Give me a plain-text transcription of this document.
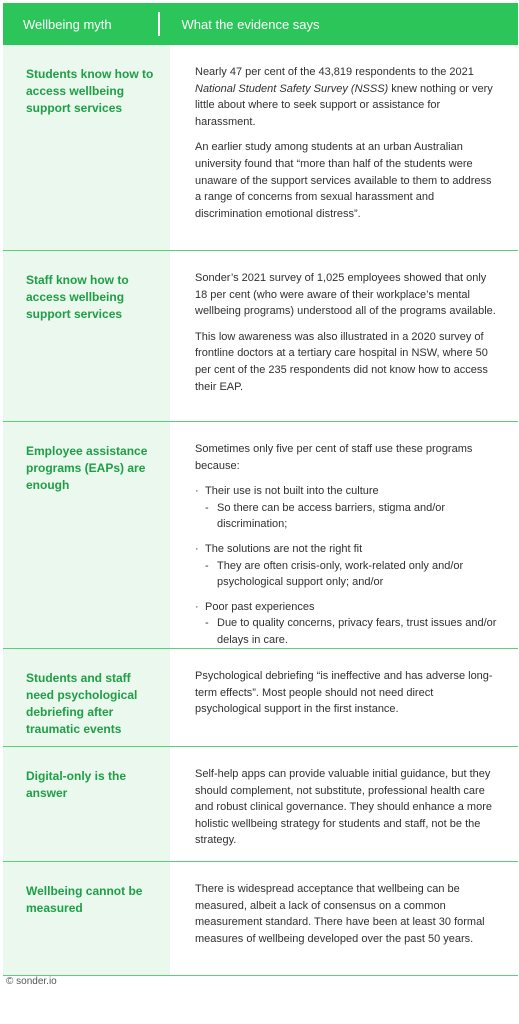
Wellbeing myth	What the evidence says
Students know how to access wellbeing support services

Nearly 47 per cent of the 43,819 respondents to the 2021 National Student Safety Survey (NSSS) knew nothing or very little about where to seek support or assistance for harassment.

An earlier study among students at an urban Australian university found that “more than half of the students were unaware of the support services available to them to address a range of concerns from sexual harassment and discrimination emotional distress”.

Staff know how to access wellbeing support services

Sonder’s 2021 survey of 1,025 employees showed that only 18 per cent (who were aware of their workplace’s mental wellbeing programs) understood all of the programs available.

This low awareness was also illustrated in a 2020 survey of frontline doctors at a tertiary care hospital in NSW, where 50 per cent of the 235 respondents did not know how to access their EAP.

Employee assistance programs (EAPs) are enough

Sometimes only five per cent of staff use these programs because:

· Their use is not built into the culture
- So there can be access barriers, stigma and/or discrimination;
· The solutions are not the right fit
- They are often crisis-only, work-related only and/or psychological support only; and/or
· Poor past experiences
- Due to quality concerns, privacy fears, trust issues and/or delays in care.
Students and staff need psychological debriefing after traumatic events

Psychological debriefing “is ineffective and has adverse long-term effects”. Most people should not need direct psychological support in the first instance.

Digital-only is the answer

Self-help apps can provide valuable initial guidance, but they should complement, not substitute, professional health care and robust clinical governance. They should enhance a more holistic wellbeing strategy for students and staff, not be the strategy.

Wellbeing cannot be measured

There is widespread acceptance that wellbeing can be measured, albeit a lack of consensus on a common measurement standard. There have been at least 30 formal measures of wellbeing developed over the past 50 years.

© sonder.io
